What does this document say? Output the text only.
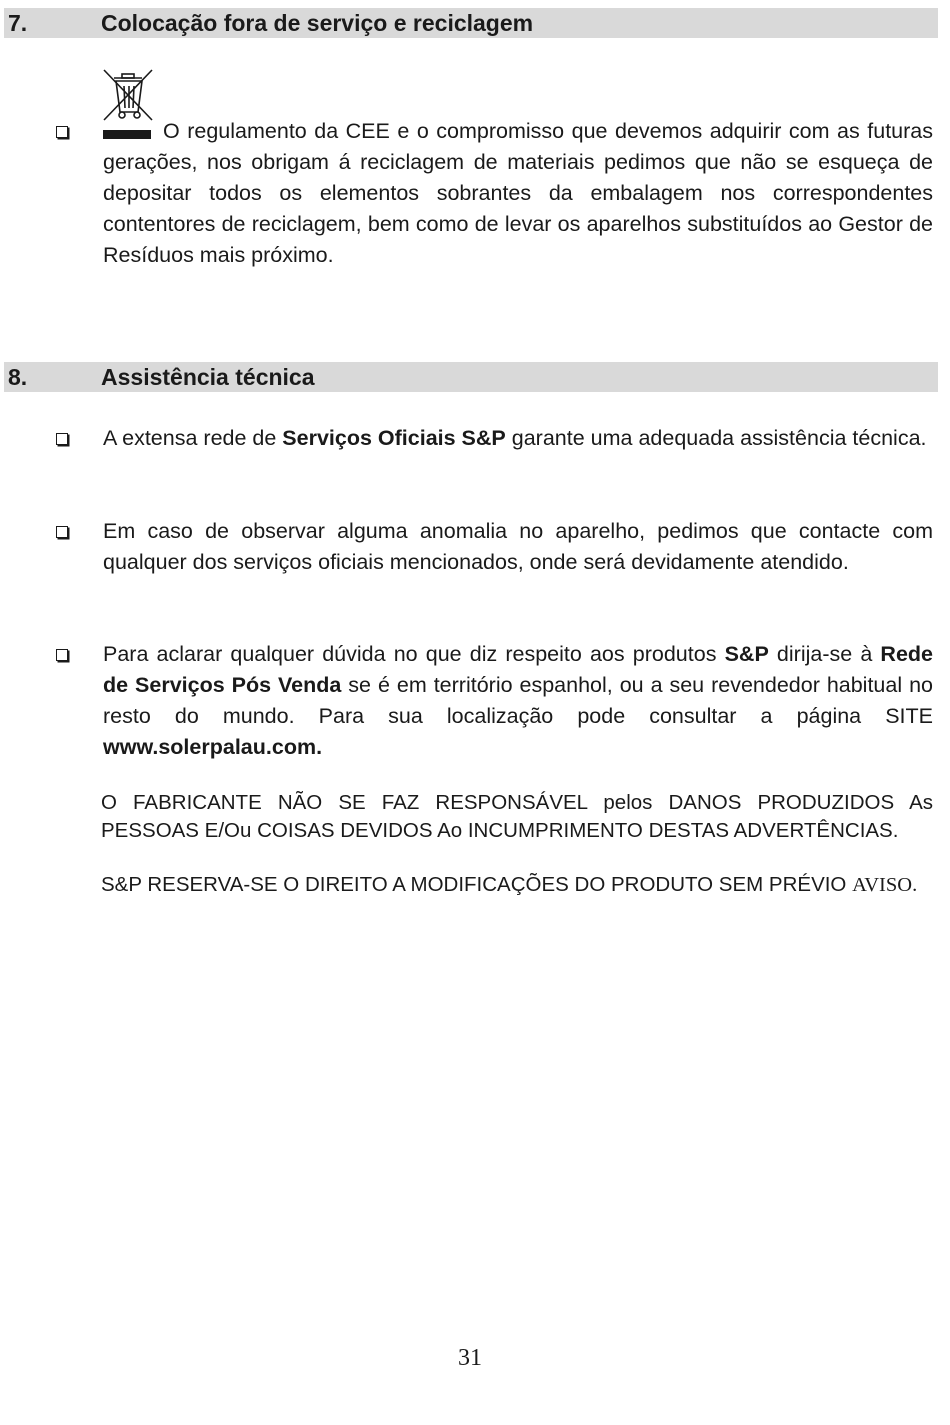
7.	Colocação fora de serviço e reciclagem
O regulamento da CEE e o compromisso que devemos adquirir com as futuras gerações, nos obrigam á reciclagem de materiais pedimos que não se esqueça de depositar todos os elementos sobrantes da embalagem nos correspondentes contentores de reciclagem, bem como de levar os aparelhos substituídos ao Gestor de Resíduos mais próximo.
8.	Assistência técnica
A extensa rede de Serviços Oficiais S&P garante uma adequada assistência técnica.
Em caso de observar alguma anomalia no aparelho, pedimos que contacte com qualquer dos serviços oficiais mencionados, onde será devidamente atendido.
Para aclarar qualquer dúvida no que diz respeito aos produtos S&P dirija-se à Rede de Serviços Pós Venda se é em território espanhol, ou a seu revendedor habitual no resto do mundo. Para sua localização pode consultar a página SITE www.solerpalau.com.
O FABRICANTE NÃO SE FAZ RESPONSÁVEL pelos DANOS PRODUZIDOS As PESSOAS E/Ou COISAS DEVIDOS Ao INCUMPRIMENTO DESTAS ADVERTÊNCIAS.
S&P RESERVA-SE O DIREITO A MODIFICAÇÕES DO PRODUTO SEM PRÉVIO AVISO.
31
